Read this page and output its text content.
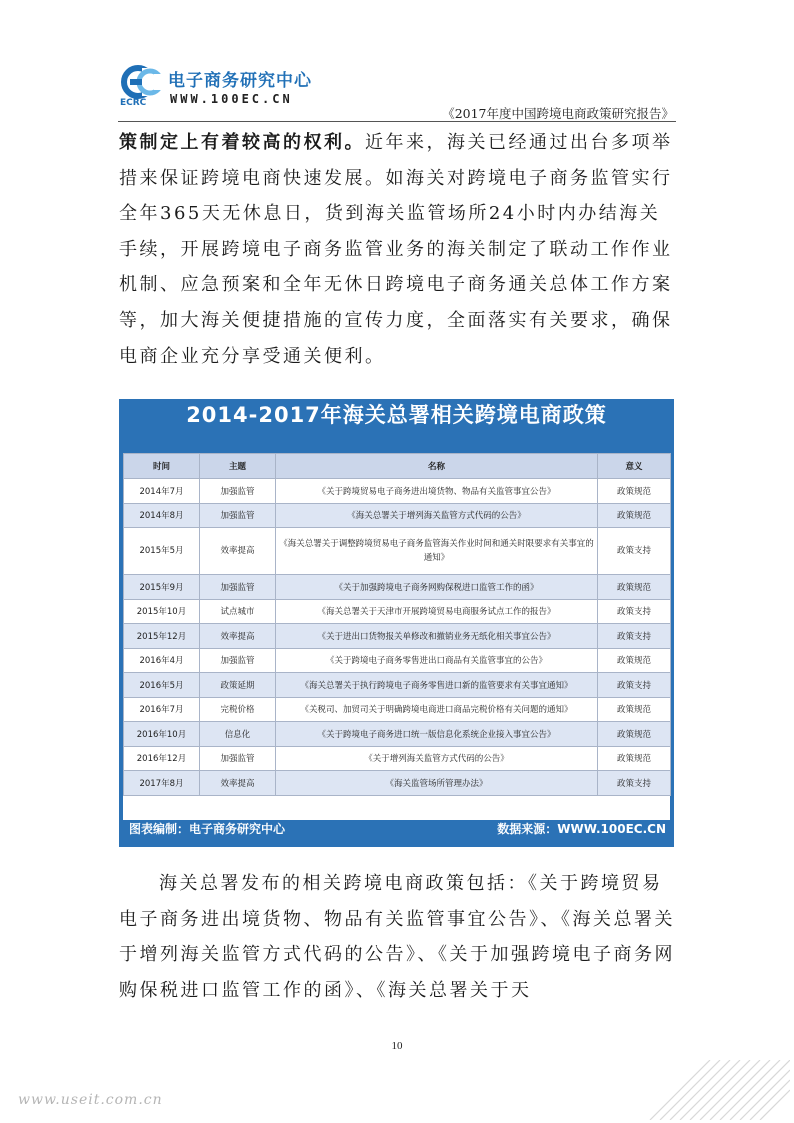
ECRC
电子商务研究中心
WWW.100EC.CN
《2017年度中国跨境电商政策研究报告》

策制定上有着较高的权利。近年来，海关已经通过出台多项举措来保证跨境电商快速发展。如海关对跨境电子商务监管实行全年365天无休息日，货到海关监管场所24小时内办结海关手续，开展跨境电子商务监管业务的海关制定了联动工作作业机制、应急预案和全年无休日跨境电子商务通关总体工作方案等，加大海关便捷措施的宣传力度，全面落实有关要求，确保电商企业充分享受通关便利。

2014-2017年海关总署相关跨境电商政策
时间	主题	名称	意义
2014年7月	加强监管	《关于跨境贸易电子商务进出境货物、物品有关监管事宜公告》	政策规范
2014年8月	加强监管	《海关总署关于增列海关监管方式代码的公告》	政策规范
2015年5月	效率提高	《海关总署关于调整跨境贸易电子商务监管海关作业时间和通关时限要求有关事宜的通知》	政策支持
2015年9月	加强监管	《关于加强跨境电子商务网购保税进口监管工作的函》	政策规范
2015年10月	试点城市	《海关总署关于天津市开展跨境贸易电商服务试点工作的报告》	政策支持
2015年12月	效率提高	《关于进出口货物报关单修改和撤销业务无纸化相关事宜公告》	政策支持
2016年4月	加强监管	《关于跨境电子商务零售进出口商品有关监管事宜的公告》	政策规范
2016年5月	政策延期	《海关总署关于执行跨境电子商务零售进口新的监管要求有关事宜通知》	政策支持
2016年7月	完税价格	《关税司、加贸司关于明确跨境电商进口商品完税价格有关问题的通知》	政策规范
2016年10月	信息化	《关于跨境电子商务进口统一版信息化系统企业接入事宜公告》	政策规范
2016年12月	加强监管	《关于增列海关监管方式代码的公告》	政策规范
2017年8月	效率提高	《海关监管场所管理办法》	政策支持
图表编制：电子商务研究中心	数据来源：WWW.100EC.CN

海关总署发布的相关跨境电商政策包括：《关于跨境贸易电子商务进出境货物、物品有关监管事宜公告》、《海关总署关于增列海关监管方式代码的公告》、《关于加强跨境电子商务网购保税进口监管工作的函》、《海关总署关于天

10
www.useit.com.cn
